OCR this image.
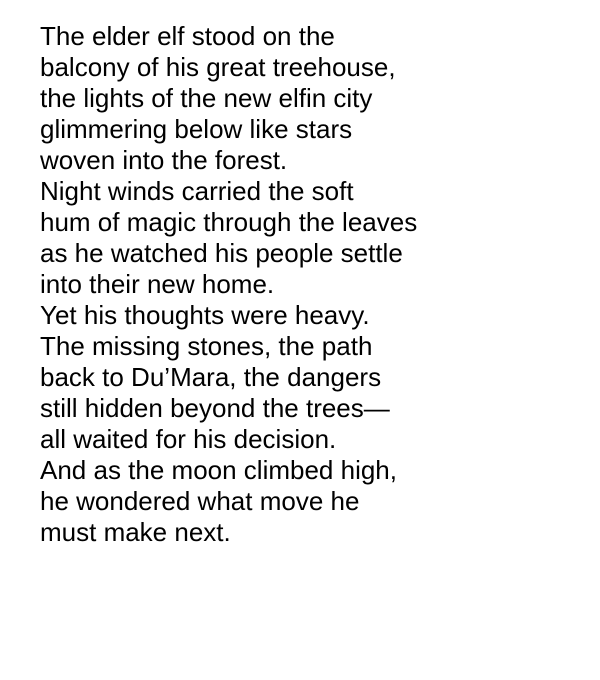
The elder elf stood on the
balcony of his great treehouse,
the lights of the new elfin city
glimmering below like stars
woven into the forest.
Night winds carried the soft
hum of magic through the leaves
as he watched his people settle
into their new home.
Yet his thoughts were heavy.
The missing stones, the path
back to Du’Mara, the dangers
still hidden beyond the trees—
all waited for his decision.
And as the moon climbed high,
he wondered what move he
must make next.
